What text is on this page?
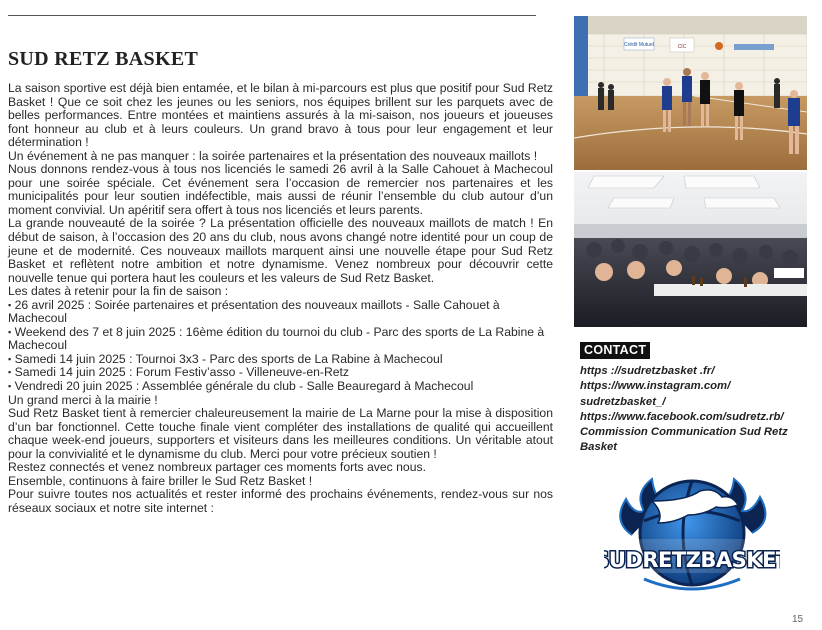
SUD RETZ BASKET

La saison sportive est déjà bien entamée, et le bilan à mi-parcours est plus que positif pour Sud Retz Basket ! Que ce soit chez les jeunes ou les seniors, nos équipes brillent sur les parquets avec de belles performances. Entre montées et maintiens assurés à la mi-saison, nos joueurs et joueuses font honneur au club et à leurs couleurs. Un grand bravo à tous pour leur engagement et leur détermination !

Un événement à ne pas manquer : la soirée partenaires et la présentation des nouveaux maillots !

Nous donnons rendez-vous à tous nos licenciés le samedi 26 avril à la Salle Cahouet à Machecoul pour une soirée spéciale. Cet événement sera l’occasion de remercier nos partenaires et les municipalités pour leur soutien indéfectible, mais aussi de réunir l’ensemble du club autour d’un moment convivial. Un apéritif sera offert à tous nos licenciés et leurs parents.

La grande nouveauté de la soirée ? La présentation officielle des nouveaux maillots de match ! En début de saison, à l’occasion des 20 ans du club, nous avons changé notre identité pour un coup de jeune et de modernité. Ces nouveaux maillots marquent ainsi une nouvelle étape pour Sud Retz Basket et reflètent notre ambition et notre dynamisme. Venez nombreux pour découvrir cette nouvelle tenue qui portera haut les couleurs et les valeurs de Sud Retz Basket.

Les dates à retenir pour la fin de saison :

▪ 26 avril 2025 : Soirée partenaires et présentation des nouveaux maillots - Salle Cahouet à Machecoul
▪ Weekend des 7 et 8 juin 2025 : 16ème édition du tournoi du club - Parc des sports de La Rabine à Machecoul
▪ Samedi 14 juin 2025 : Tournoi 3x3 - Parc des sports de La Rabine à Machecoul
▪ Samedi 14 juin 2025 : Forum Festiv’asso - Villeneuve-en-Retz
▪ Vendredi 20 juin 2025 : Assemblée générale du club - Salle Beauregard à Machecoul

Un grand merci à la mairie !

Sud Retz Basket tient à remercier chaleureusement la mairie de La Marne pour la mise à disposition d’un bar fonctionnel. Cette touche finale vient compléter des installations de qualité qui accueillent chaque week-end joueurs, supporters et visiteurs dans les meilleures conditions. Un véritable atout pour la convivialité et le dynamisme du club. Merci pour votre précieux soutien !

Restez connectés et venez nombreux partager ces moments forts avec nous.

Ensemble, continuons à faire briller le Sud Retz Basket !

Pour suivre toutes nos actualités et rester informé des prochains événements, rendez-vous sur nos réseaux sociaux et notre site internet :

Crédit Mutuel	CIC
CONTACT
https ://sudretzbasket .fr/
https://www.instagram.com/
sudretzbasket_/
https://www.facebook.com/sudretz.rb/
Commission Communication Sud Retz
Basket
SUDRETZBASKET
15
